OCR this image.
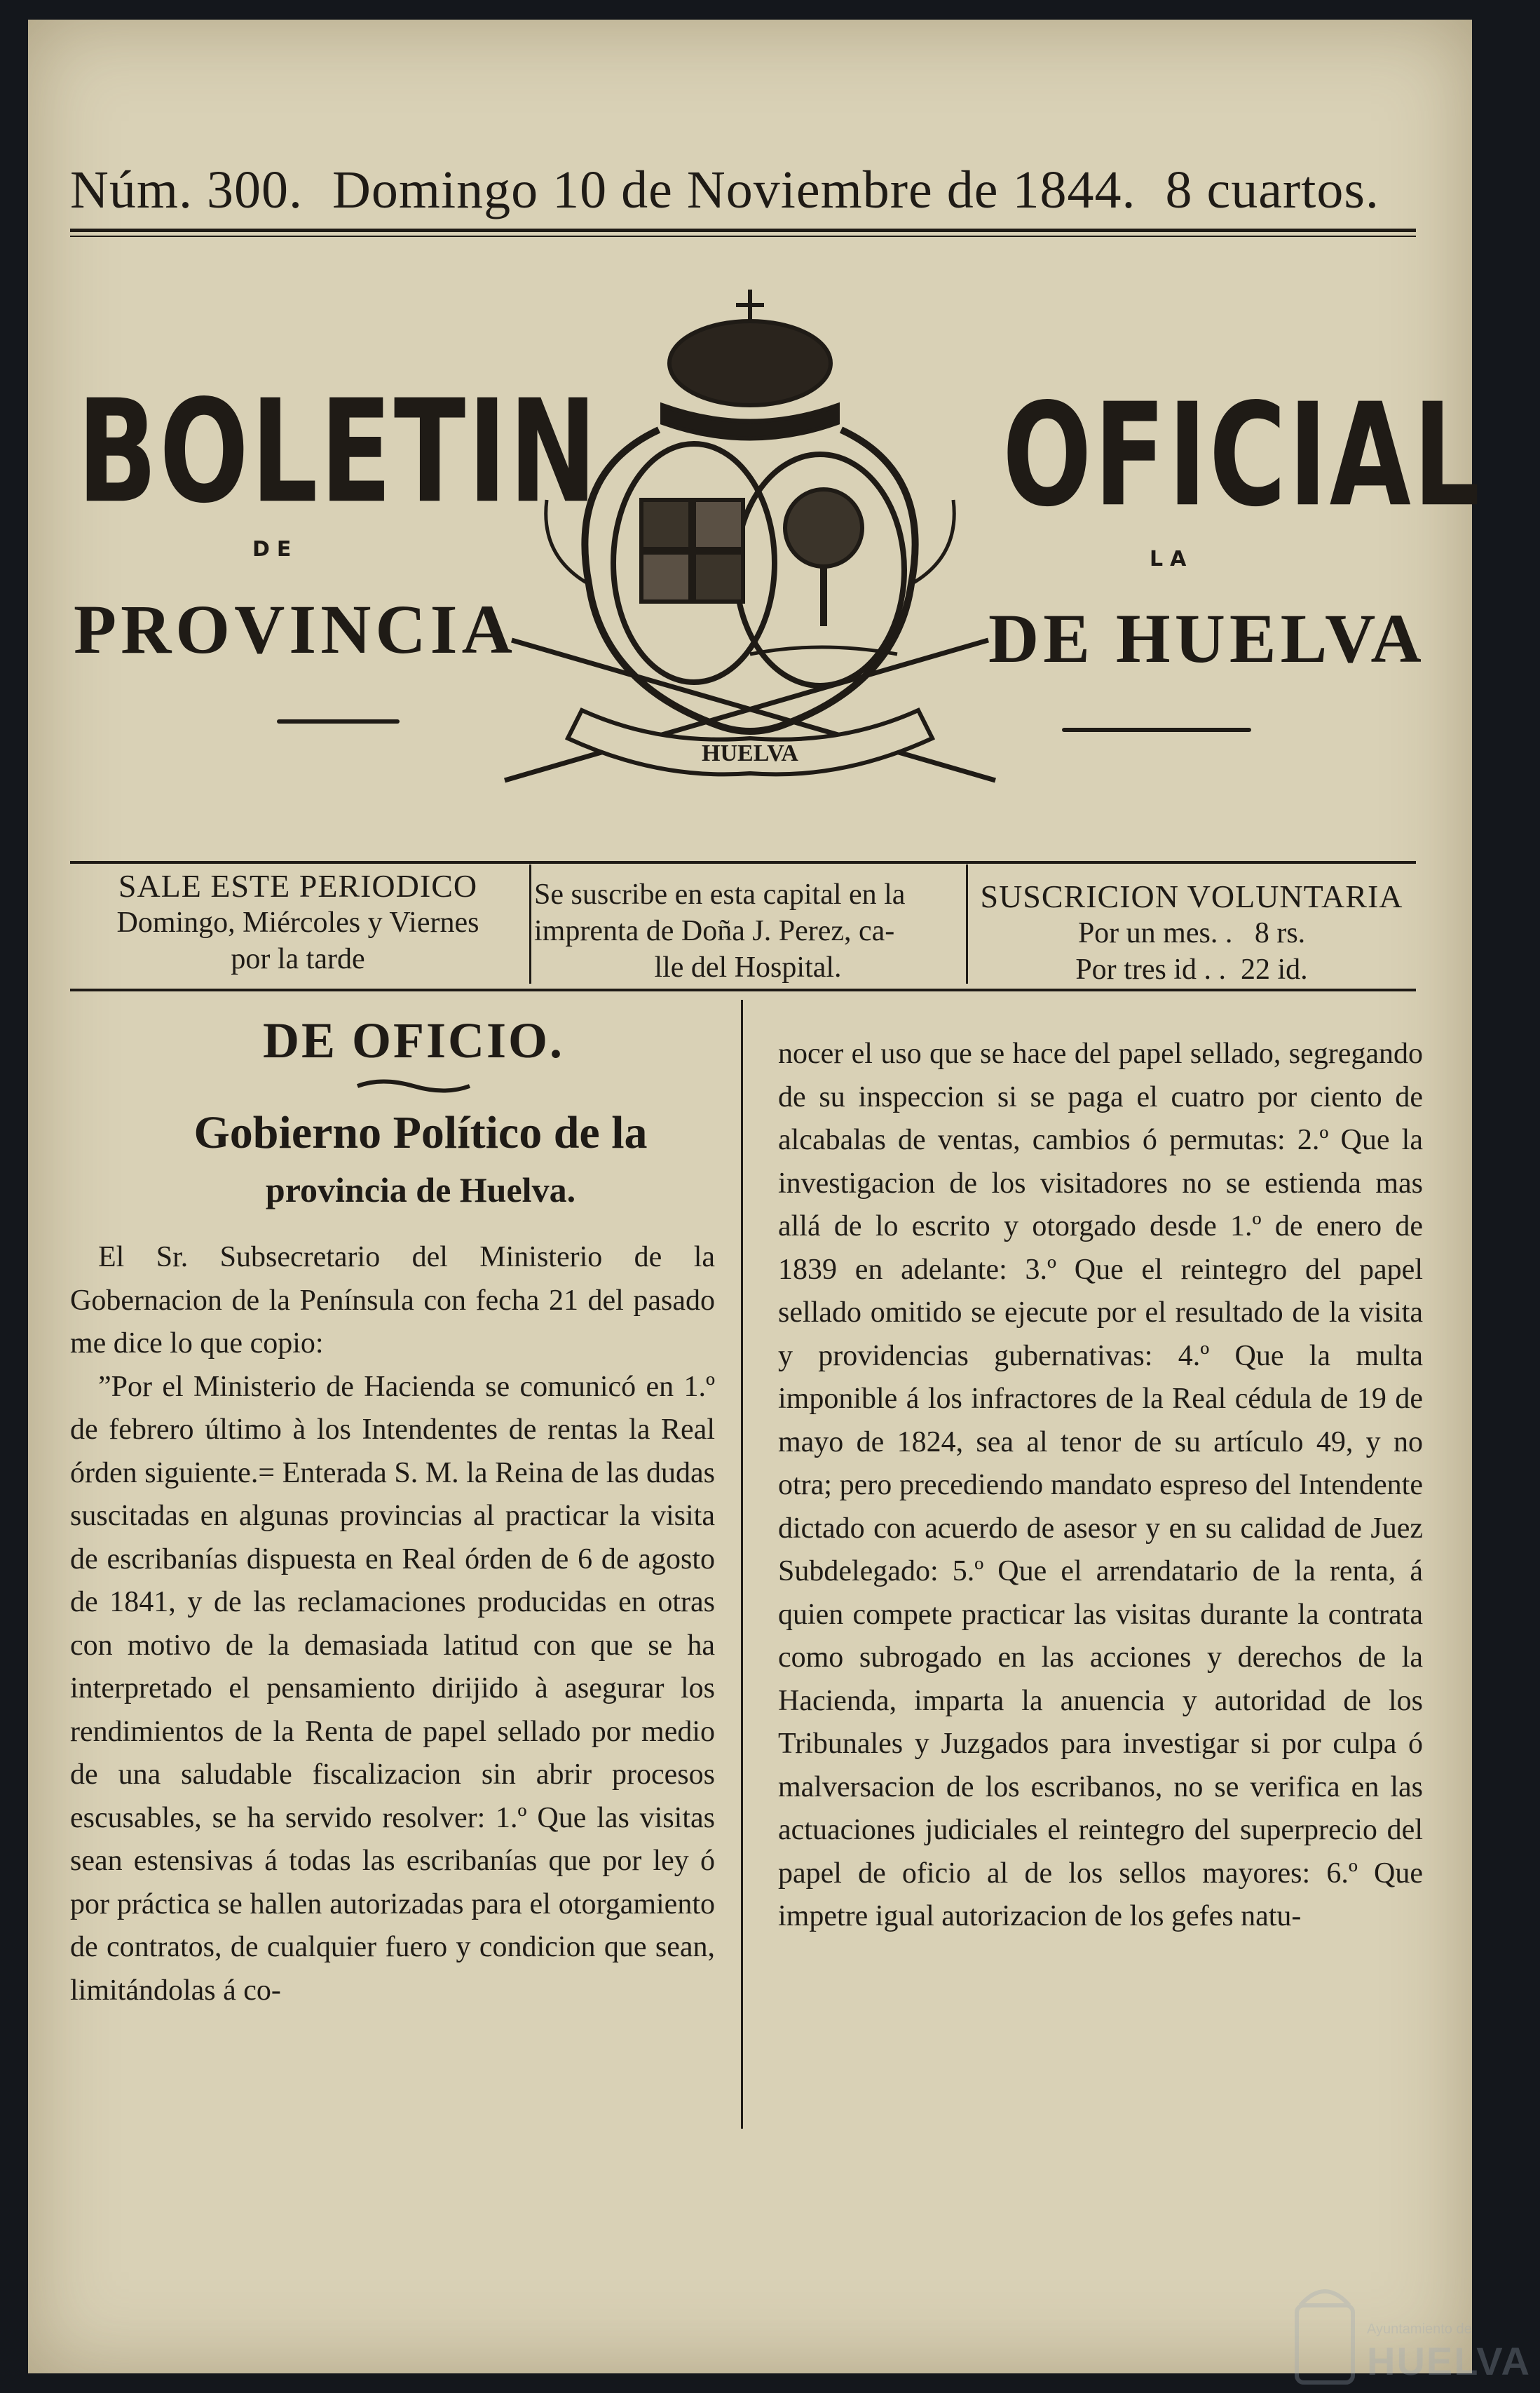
Núm. 300. Domingo 10 de Noviembre de 1844. 8 cuartos.
BOLETIN	OFICIAL
DE	LA
PROVINCIA	DE HUELVA
HUELVA
SALE ESTE PERIODICO
Domingo, Miércoles y Viernes
por la tarde
Se suscribe en esta capital en la
imprenta de Doña J. Perez, ca-
lle del Hospital.
SUSCRICION VOLUNTARIA
Por un mes. .   8 rs.
Por tres id . .  22 id.
DE OFICIO.
Gobierno Político de la
provincia de Huelva.

El Sr. Subsecretario del Ministerio de la Gobernacion de la Península con fecha 21 del pasado me dice lo que copio:

”Por el Ministerio de Hacienda se comunicó en 1.º de febrero último à los Intendentes de rentas la Real órden siguiente.= Enterada S. M. la Reina de las dudas suscitadas en algunas provincias al practicar la visita de escribanías dispuesta en Real órden de 6 de agosto de 1841, y de las reclamaciones producidas en otras con motivo de la demasiada latitud con que se ha interpretado el pensamiento dirijido à asegurar los rendimientos de la Renta de papel sellado por medio de una saludable fiscalizacion sin abrir procesos escusables, se ha servido resolver: 1.º Que las visitas sean estensivas á todas las escribanías que por ley ó por práctica se hallen autorizadas para el otorgamiento de contratos, de cualquier fuero y condicion que sean, limitándolas á co-

nocer el uso que se hace del papel sellado, segregando de su inspeccion si se paga el cuatro por ciento de alcabalas de ventas, cambios ó permutas: 2.º Que la investigacion de los visitadores no se estienda mas allá de lo escrito y otorgado desde 1.º de enero de 1839 en adelante: 3.º Que el reintegro del papel sellado omitido se ejecute por el resultado de la visita y providencias gubernativas: 4.º Que la multa imponible á los infractores de la Real cédula de 19 de mayo de 1824, sea al tenor de su artículo 49, y no otra; pero precediendo mandato espreso del Intendente dictado con acuerdo de asesor y en su calidad de Juez Subdelegado: 5.º Que el arrendatario de la renta, á quien compete practicar las visitas durante la contrata como subrogado en las acciones y derechos de la Hacienda, imparta la anuencia y autoridad de los Tribunales y Juzgados para investigar si por culpa ó malversacion de los escribanos, no se verifica en las actuaciones judiciales el reintegro del superprecio del papel de oficio al de los sellos mayores: 6.º Que impetre igual autorizacion de los gefes natu-

Ayuntamiento de
HUELVA
